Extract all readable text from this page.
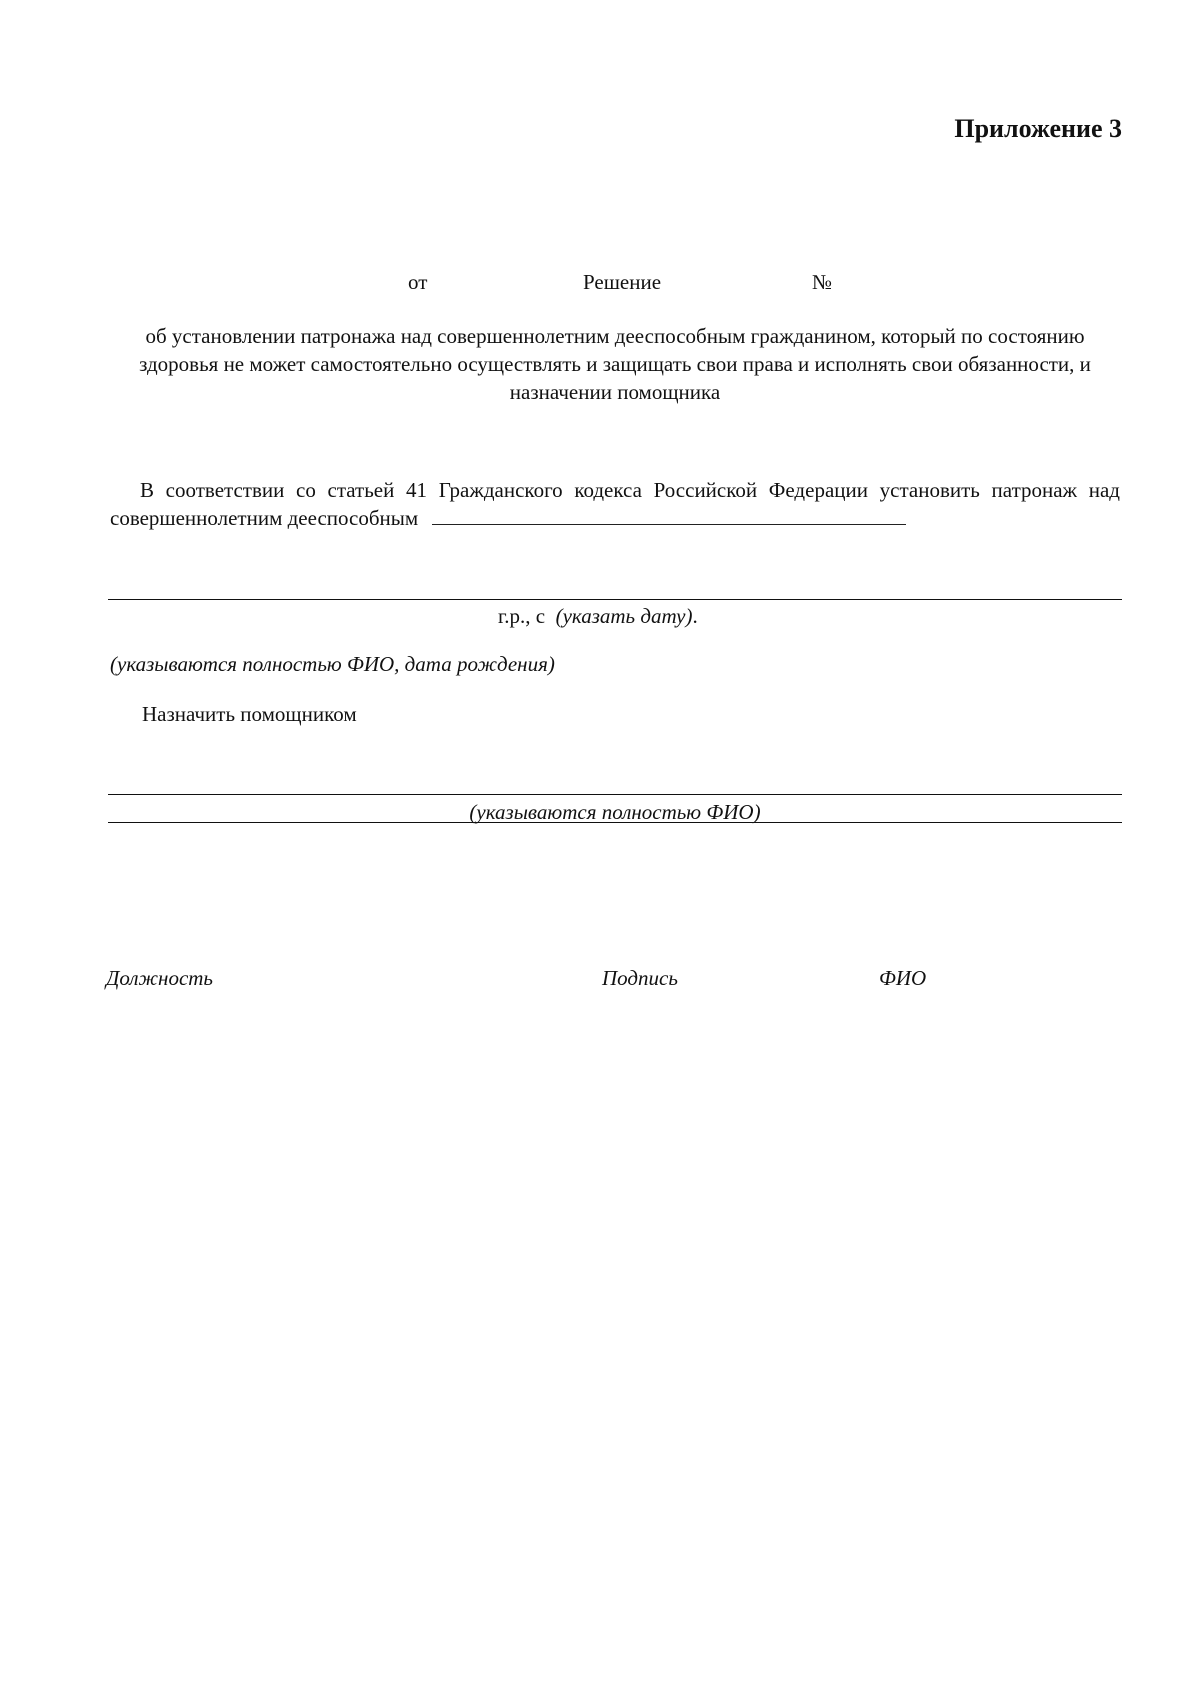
Приложение 3
от	Решение	№
об установлении патронажа над совершеннолетним дееспособным гражданином, который по состоянию здоровья не может самостоятельно осуществлять и защищать свои права и исполнять свои обязанности, и назначении помощника
В соответствии со статьей 41 Гражданского кодекса Российской Федерации установить патронаж над совершеннолетним дееспособным
г.р., с (указать дату).
(указываются полностью ФИО, дата рождения)
Назначить помощником
(указываются полностью ФИО)
Должность	Подпись	ФИО
